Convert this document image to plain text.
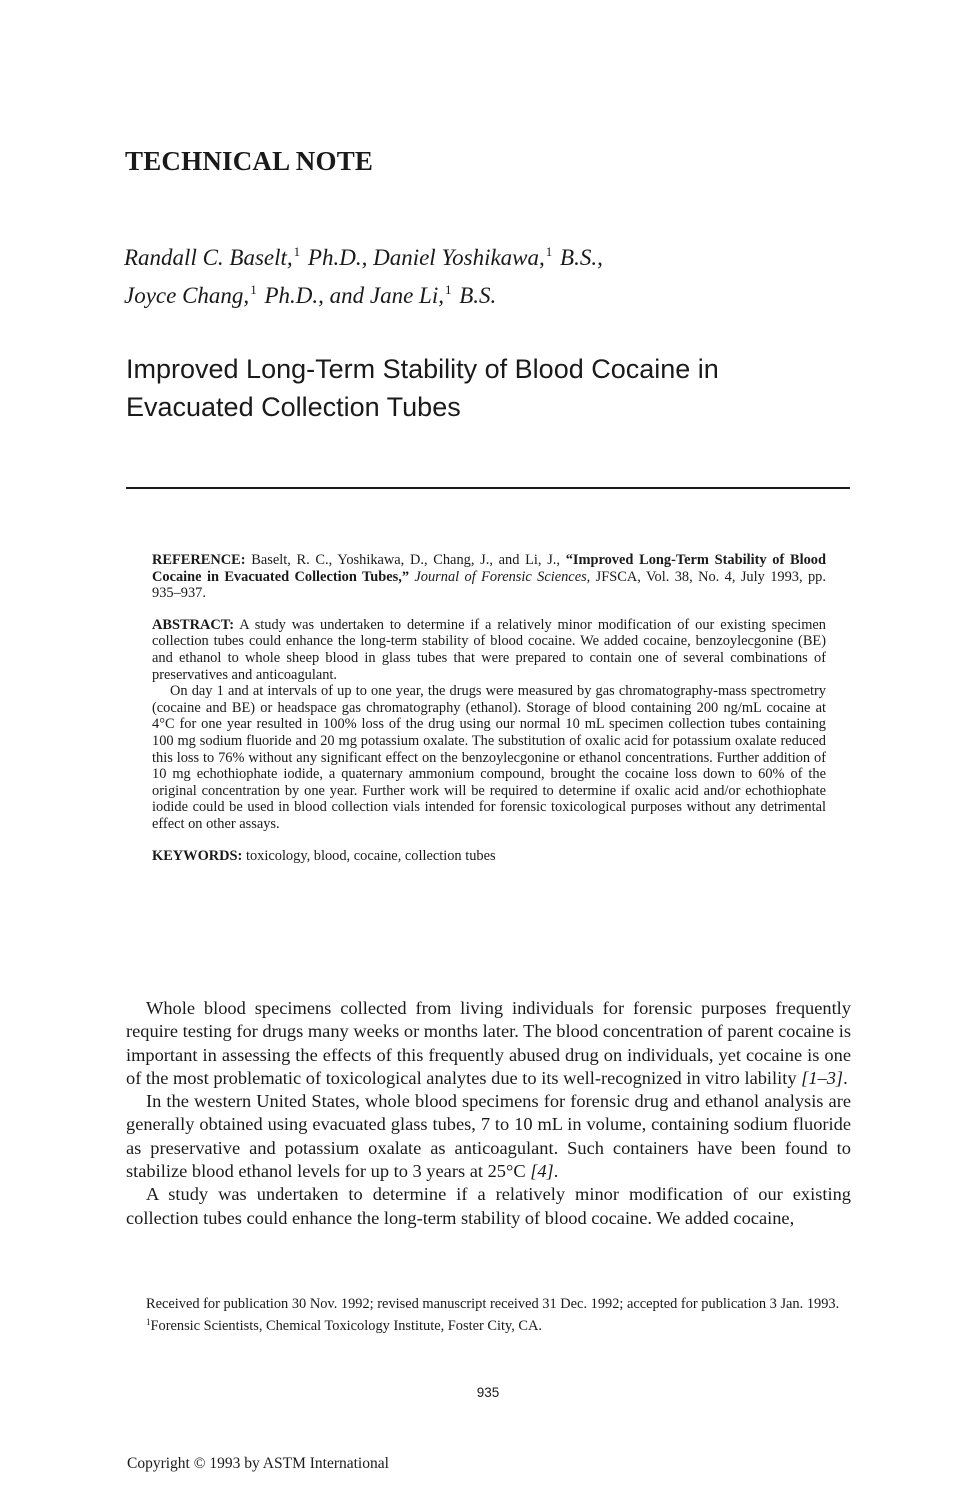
TECHNICAL NOTE
Randall C. Baselt,$^1$ Ph.D., Daniel Yoshikawa,$^1$ B.S.,
Joyce Chang,$^1$ Ph.D., and Jane Li,$^1$ B.S.
Improved Long-Term Stability of Blood Cocaine in
Evacuated Collection Tubes

REFERENCE: Baselt, R. C., Yoshikawa, D., Chang, J., and Li, J., “Improved Long-Term Stability of Blood Cocaine in Evacuated Collection Tubes,” Journal of Forensic Sciences, JFSCA, Vol. 38, No. 4, July 1993, pp. 935–937.

ABSTRACT: A study was undertaken to determine if a relatively minor modification of our existing specimen collection tubes could enhance the long-term stability of blood cocaine. We added cocaine, benzoylecgonine (BE) and ethanol to whole sheep blood in glass tubes that were prepared to contain one of several combinations of preservatives and anticoagulant.

On day 1 and at intervals of up to one year, the drugs were measured by gas chromatography-mass spectrometry (cocaine and BE) or headspace gas chromatography (ethanol). Storage of blood containing 200 ng/mL cocaine at 4°C for one year resulted in 100% loss of the drug using our normal 10 mL specimen collection tubes containing 100 mg sodium fluoride and 20 mg potassium oxalate. The substitution of oxalic acid for potassium oxalate reduced this loss to 76% without any significant effect on the benzoylecgonine or ethanol concentrations. Further addition of 10 mg echothiophate iodide, a quaternary ammonium compound, brought the cocaine loss down to 60% of the original concentration by one year. Further work will be required to determine if oxalic acid and/or echothiophate iodide could be used in blood collection vials intended for forensic toxicological purposes without any detrimental effect on other assays.

KEYWORDS: toxicology, blood, cocaine, collection tubes

Whole blood specimens collected from living individuals for forensic purposes frequently require testing for drugs many weeks or months later. The blood concentration of parent cocaine is important in assessing the effects of this frequently abused drug on individuals, yet cocaine is one of the most problematic of toxicological analytes due to its well-recognized in vitro lability [1–3].

In the western United States, whole blood specimens for forensic drug and ethanol analysis are generally obtained using evacuated glass tubes, 7 to 10 mL in volume, containing sodium fluoride as preservative and potassium oxalate as anticoagulant. Such containers have been found to stabilize blood ethanol levels for up to 3 years at 25°C [4].

A study was undertaken to determine if a relatively minor modification of our existing collection tubes could enhance the long-term stability of blood cocaine. We added cocaine,

Received for publication 30 Nov. 1992; revised manuscript received 31 Dec. 1992; accepted for publication 3 Jan. 1993.

$^1$Forensic Scientists, Chemical Toxicology Institute, Foster City, CA.

935
Copyright © 1993 by ASTM International
